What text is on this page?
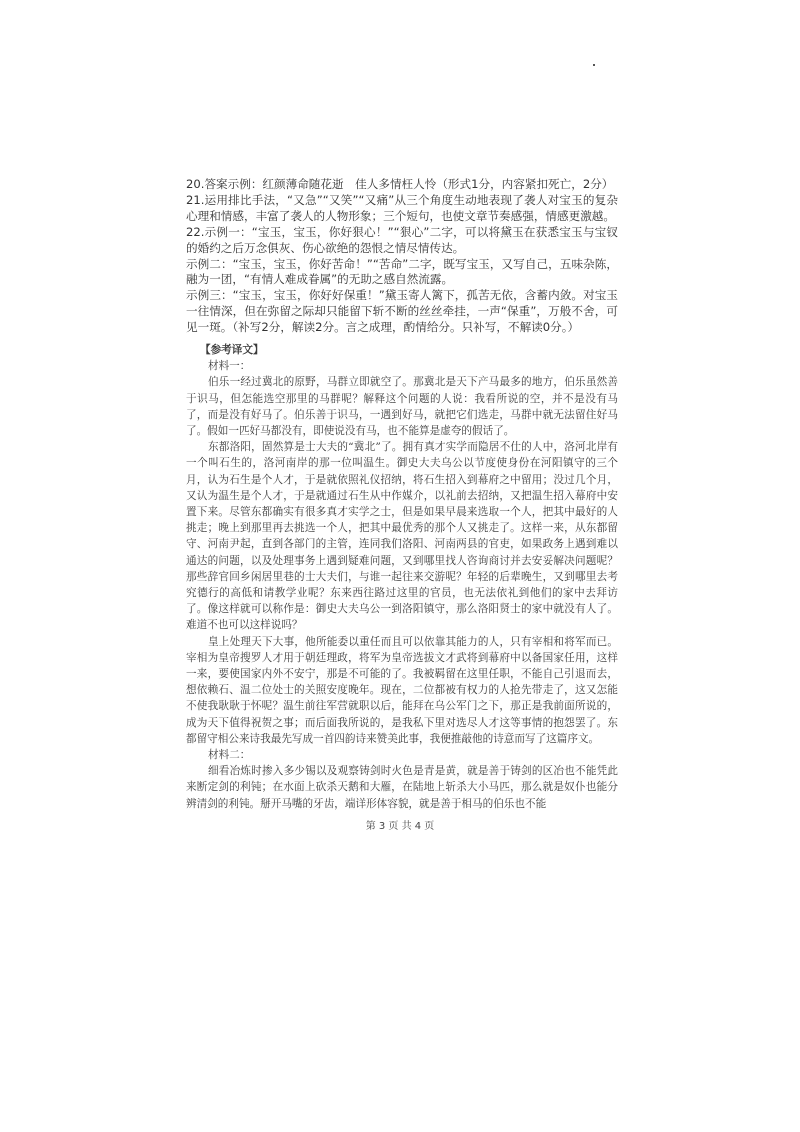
20.答案示例：红颜薄命随花逝　佳人多情枉人怜（形式1分，内容紧扣死亡，2分）

21.运用排比手法，“又急”“又笑”“又痛”从三个角度生动地表现了袭人对宝玉的复杂心理和情感，丰富了袭人的人物形象；三个短句，也使文章节奏感强，情感更激越。

22.示例一：“宝玉，宝玉，你好狠心！”“狠心”二字，可以将黛玉在获悉宝玉与宝钗的婚约之后万念俱灰、伤心欲绝的怨恨之情尽情传达。

示例二：“宝玉，宝玉，你好苦命！”“苦命”二字，既写宝玉，又写自己，五味杂陈，融为一团，“有情人难成眷属”的无助之感自然流露。

示例三：“宝玉，宝玉，你好好保重！”黛玉寄人篱下，孤苦无依，含蓄内敛。对宝玉一往情深，但在弥留之际却只能留下斩不断的丝丝牵挂，一声“保重”，万般不舍，可见一斑。（补写2分，解读2分。言之成理，酌情给分。只补写，不解读0分。）

【参考译文】

材料一：

伯乐一经过冀北的原野，马群立即就空了。那冀北是天下产马最多的地方，伯乐虽然善于识马，但怎能选空那里的马群呢？解释这个问题的人说：我看所说的空，并不是没有马了，而是没有好马了。伯乐善于识马，一遇到好马，就把它们选走，马群中就无法留住好马了。假如一匹好马都没有，即使说没有马，也不能算是虚夸的假话了。

东都洛阳，固然算是士大夫的“冀北”了。拥有真才实学而隐居不仕的人中，洛河北岸有一个叫石生的，洛河南岸的那一位叫温生。御史大夫乌公以节度使身份在河阳镇守的三个月，认为石生是个人才，于是就依照礼仪招纳，将石生招入到幕府之中留用；没过几个月，又认为温生是个人才，于是就通过石生从中作媒介，以礼前去招纳，又把温生招入幕府中安置下来。尽管东都确实有很多真才实学之士，但是如果早晨来选取一个人，把其中最好的人挑走；晚上到那里再去挑选一个人，把其中最优秀的那个人又挑走了。这样一来，从东都留守、河南尹起，直到各部门的主管，连同我们洛阳、河南两县的官吏，如果政务上遇到难以通达的问题，以及处理事务上遇到疑难问题，又到哪里找人咨询商讨并去安妥解决问题呢？那些辞官回乡闲居里巷的士大夫们，与谁一起往来交游呢？年轻的后辈晚生，又到哪里去考究德行的高低和请教学业呢？东来西往路过这里的官员，也无法依礼到他们的家中去拜访了。像这样就可以称作是：御史大夫乌公一到洛阳镇守，那么洛阳贤士的家中就没有人了。难道不也可以这样说吗？

皇上处理天下大事，他所能委以重任而且可以依靠其能力的人，只有宰相和将军而已。宰相为皇帝搜罗人才用于朝廷理政，将军为皇帝选拔文才武将到幕府中以备国家任用，这样一来，要使国家内外不安宁，那是不可能的了。我被羁留在这里任职，不能自己引退而去，想依赖石、温二位处士的关照安度晚年。现在，二位都被有权力的人抢先带走了，这又怎能不使我耿耿于怀呢？温生前往军营就职以后，能拜在乌公军门之下，那正是我前面所说的，成为天下值得祝贺之事；而后面我所说的，是我私下里对选尽人才这等事情的抱怨罢了。东都留守相公来诗我最先写成一首四韵诗来赞美此事，我便推敲他的诗意而写了这篇序文。

材料二：

细看冶炼时掺入多少锡以及观察铸剑时火色是青是黄，就是善于铸剑的区冶也不能凭此来断定剑的利钝；在水面上砍杀天鹅和大雁，在陆地上斩杀大小马匹，那么就是奴仆也能分辨清剑的利钝。掰开马嘴的牙齿，端详形体容貌，就是善于相马的伯乐也不能

第 3 页 共 4 页
